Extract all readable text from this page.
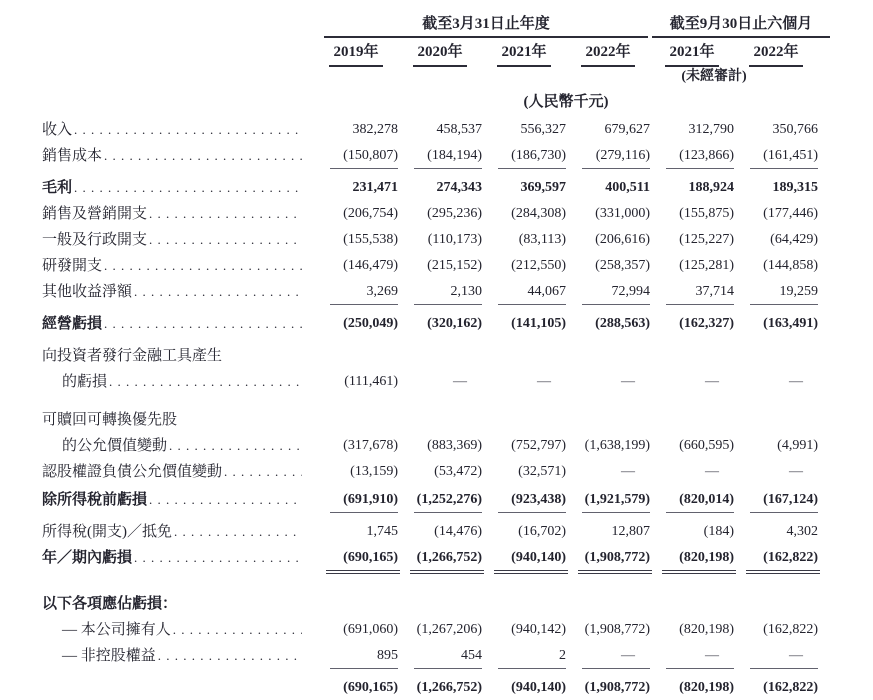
截至3月31日止年度
2019年	2020年	2021年	2022年
截至9月30日止六個月
2021年	2022年
(未經審計)
(人民幣千元)
收入 . . .	382,278	458,537	556,327	679,627	312,790	350,766
銷售成本 . . .	(150,807)	(184,194)	(186,730)	(279,116)	(123,866)	(161,451)
毛利 . . .	231,471	274,343	369,597	400,511	188,924	189,315
銷售及營銷開支 . . .	(206,754)	(295,236)	(284,308)	(331,000)	(155,875)	(177,446)
一般及行政開支 . . .	(155,538)	(110,173)	(83,113)	(206,616)	(125,227)	(64,429)
研發開支 . . .	(146,479)	(215,152)	(212,550)	(258,357)	(125,281)	(144,858)
其他收益淨額 . . .	3,269	2,130	44,067	72,994	37,714	19,259
經營虧損 . . .	(250,049)	(320,162)	(141,105)	(288,563)	(162,327)	(163,491)
向投資者發行金融工具產生
的虧損 . . .	(111,461)	—	—	—	—	—
可贖回可轉換優先股
的公允價值變動 . . .	(317,678)	(883,369)	(752,797)	(1,638,199)	(660,595)	(4,991)
認股權證負債公允價值變動 . . .	(13,159)	(53,472)	(32,571)	—	—	—
除所得稅前虧損 . . .	(691,910)	(1,252,276)	(923,438)	(1,921,579)	(820,014)	(167,124)
所得稅(開支)／抵免 . . .	1,745	(14,476)	(16,702)	12,807	(184)	4,302
年／期內虧損 . . .	(690,165)	(1,266,752)	(940,140)	(1,908,772)	(820,198)	(162,822)
以下各項應佔虧損：
— 本公司擁有人 . . .	(691,060)	(1,267,206)	(940,142)	(1,908,772)	(820,198)	(162,822)
— 非控股權益 . . .	895	454	2	—	—	—
(690,165)	(1,266,752)	(940,140)	(1,908,772)	(820,198)	(162,822)
